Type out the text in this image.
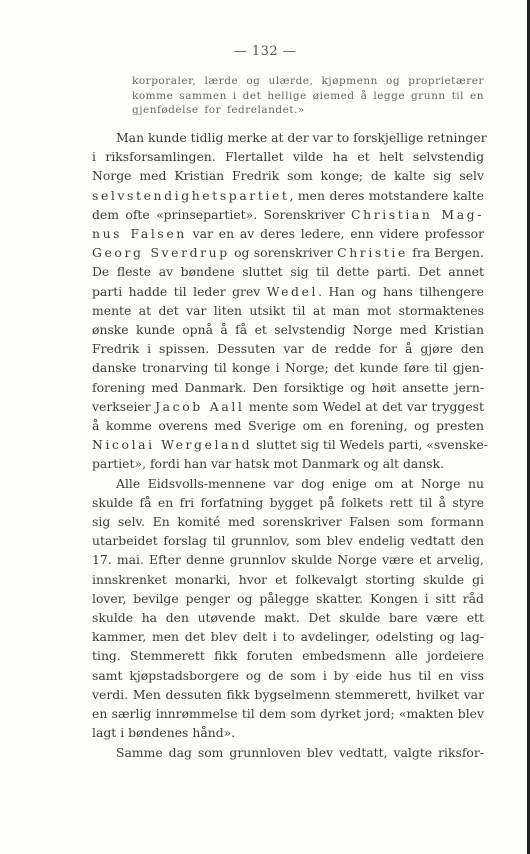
— 132 —
korporaler, lærde og ulærde, kjøpmenn og proprietærer
komme sammen i det hellige øiemed å legge grunn til en
gjenfødelse for fedrelandet.»
Man kunde tidlig merke at der var to forskjellige retninger
i riksforsamlingen. Flertallet vilde ha et helt selvstendig
Norge med Kristian Fredrik som konge; de kalte sig selv
selvstendighetspartiet, men deres motstandere kalte
dem ofte «prinsepartiet». Sorenskriver Christian Mag-
nus Falsen var en av deres ledere, enn videre professor
Georg Sverdrup og sorenskriver Christie fra Bergen.
De fleste av bøndene sluttet sig til dette parti. Det annet
parti hadde til leder grev Wedel. Han og hans tilhengere
mente at det var liten utsikt til at man mot stormaktenes
ønske kunde opnå å få et selvstendig Norge med Kristian
Fredrik i spissen. Dessuten var de redde for å gjøre den
danske tronarving til konge i Norge; det kunde føre til gjen-
forening med Danmark. Den forsiktige og høit ansette jern-
verkseier Jacob Aall mente som Wedel at det var tryggest
å komme overens med Sverige om en forening, og presten
Nicolai Wergeland sluttet sig til Wedels parti, «svenske-
partiet», fordi han var hatsk mot Danmark og alt dansk.
Alle Eidsvolls-mennene var dog enige om at Norge nu
skulde få en fri forfatning bygget på folkets rett til å styre
sig selv. En komité med sorenskriver Falsen som formann
utarbeidet forslag til grunnlov, som blev endelig vedtatt den
17. mai. Efter denne grunnlov skulde Norge være et arvelig,
innskrenket monarki, hvor et folkevalgt storting skulde gi
lover, bevilge penger og pålegge skatter. Kongen i sitt råd
skulde ha den utøvende makt. Det skulde bare være ett
kammer, men det blev delt i to avdelinger, odelsting og lag-
ting. Stemmerett fikk foruten embedsmenn alle jordeiere
samt kjøpstadsborgere og de som i by eide hus til en viss
verdi. Men dessuten fikk bygselmenn stemmerett, hvilket var
en særlig innrømmelse til dem som dyrket jord; «makten blev
lagt i bøndenes hånd».
Samme dag som grunnloven blev vedtatt, valgte riksfor-
